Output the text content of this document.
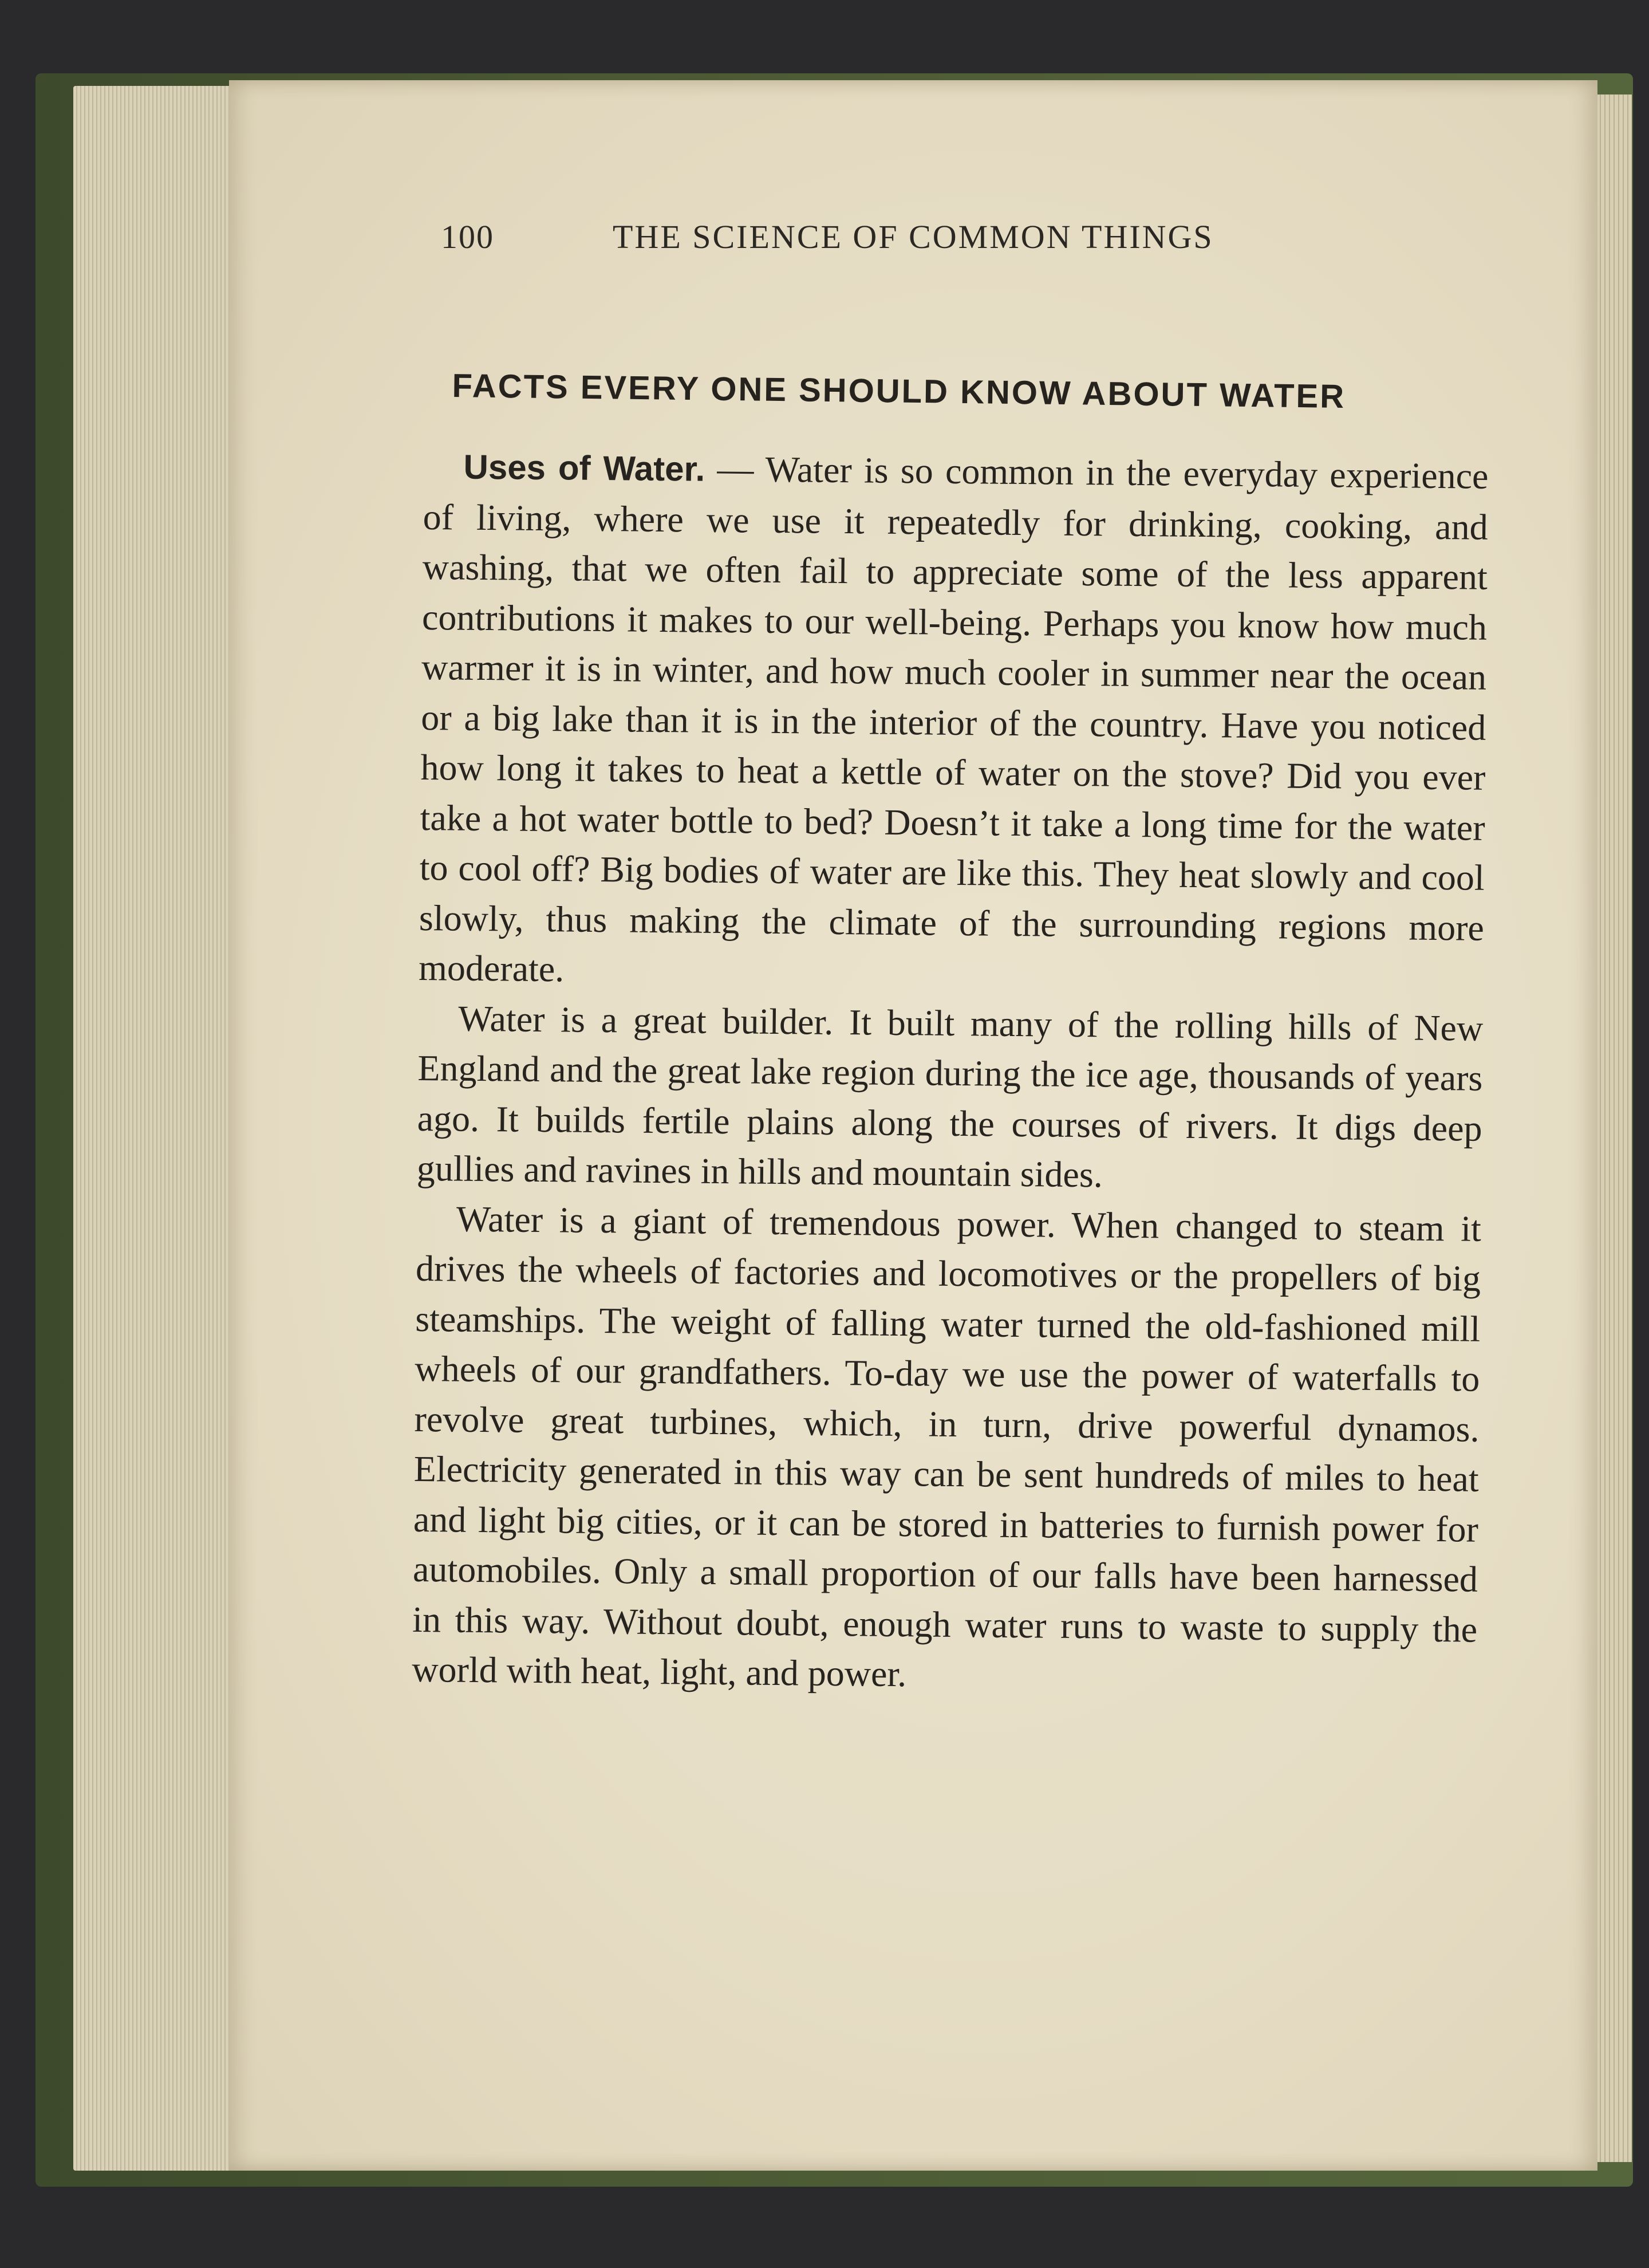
100	THE SCIENCE OF COMMON THINGS
FACTS EVERY ONE SHOULD KNOW ABOUT WATER

Uses of Water. — Water is so common in the everyday experience of living, where we use it repeatedly for drinking, cooking, and washing, that we often fail to appreciate some of the less apparent contributions it makes to our well-being. Perhaps you know how much warmer it is in winter, and how much cooler in summer near the ocean or a big lake than it is in the interior of the country. Have you noticed how long it takes to heat a kettle of water on the stove? Did you ever take a hot water bottle to bed? Doesn’t it take a long time for the water to cool off? Big bodies of water are like this. They heat slowly and cool slowly, thus making the climate of the surrounding regions more moderate.

Water is a great builder. It built many of the rolling hills of New England and the great lake region during the ice age, thousands of years ago. It builds fertile plains along the courses of rivers. It digs deep gullies and ravines in hills and mountain sides.

Water is a giant of tremendous power. When changed to steam it drives the wheels of factories and locomotives or the propellers of big steamships. The weight of falling water turned the old-fashioned mill wheels of our grandfathers. To-day we use the power of waterfalls to revolve great turbines, which, in turn, drive powerful dynamos. Electricity generated in this way can be sent hundreds of miles to heat and light big cities, or it can be stored in batteries to furnish power for automobiles. Only a small proportion of our falls have been harnessed in this way. Without doubt, enough water runs to waste to supply the world with heat, light, and power.
